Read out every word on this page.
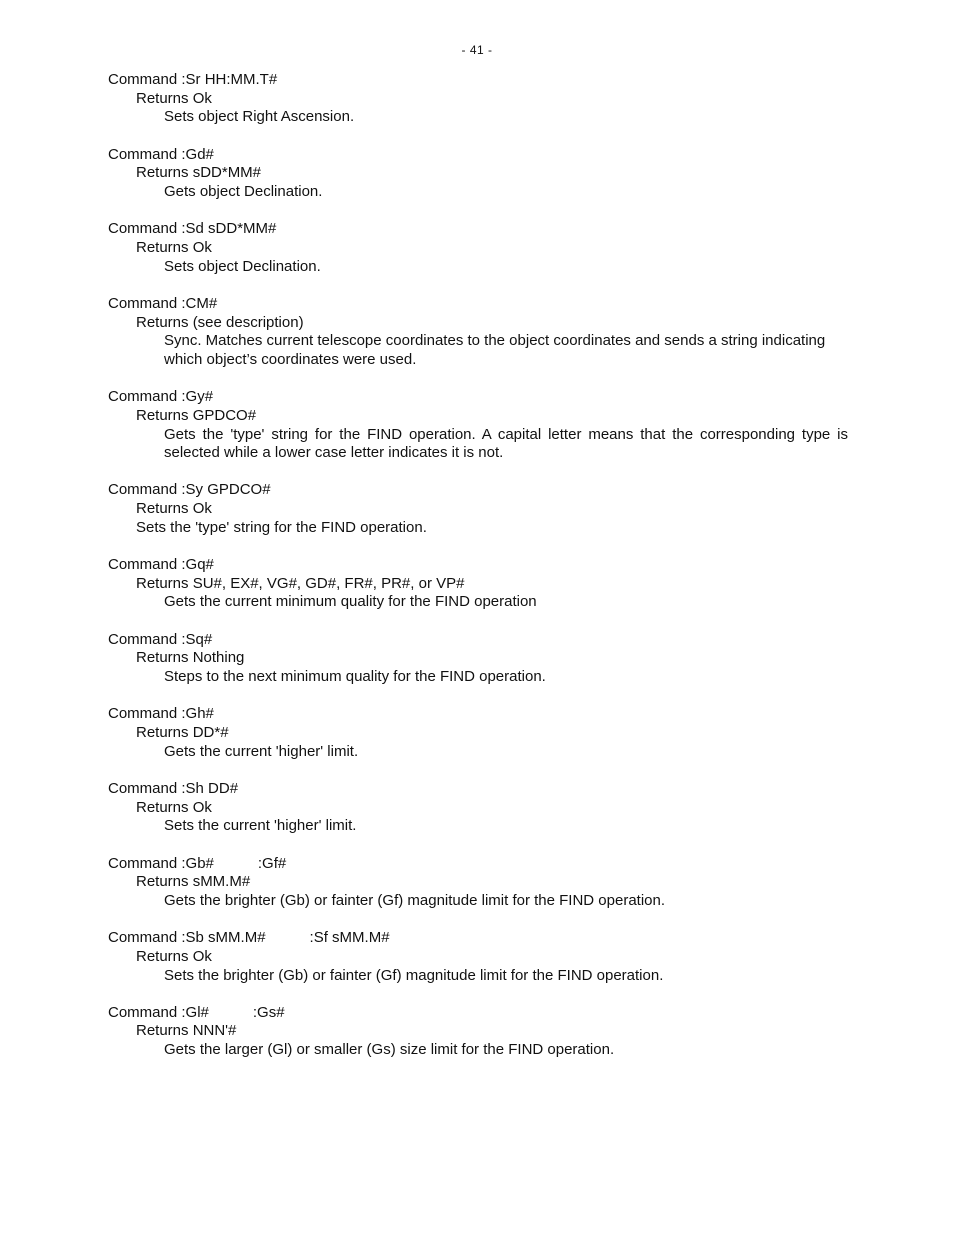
- 41 -
Command :Sr HH:MM.T#
Returns Ok
Sets object Right Ascension.
Command :Gd#
Returns sDD*MM#
Gets object Declination.
Command :Sd sDD*MM#
Returns Ok
Sets object Declination.
Command :CM#
Returns (see description)
Sync. Matches current telescope coordinates to the object coordinates and sends a string indicating which object’s coordinates were used.
Command :Gy#
Returns GPDCO#
Gets the 'type' string for the FIND operation. A capital letter means that the corresponding type is selected while a lower case letter indicates it is not.
Command :Sy GPDCO#
Returns Ok
Sets the 'type' string for the FIND operation.
Command :Gq#
Returns SU#, EX#, VG#, GD#, FR#, PR#, or VP#
Gets the current minimum quality for the FIND operation
Command :Sq#
Returns Nothing
Steps to the next minimum quality for the FIND operation.
Command :Gh#
Returns DD*#
Gets the current 'higher' limit.
Command :Sh DD#
Returns Ok
Sets the current 'higher' limit.
Command :Gb#	:Gf#
Returns sMM.M#
Gets the brighter (Gb) or fainter (Gf) magnitude limit for the FIND operation.
Command :Sb sMM.M#	:Sf sMM.M#
Returns Ok
Sets the brighter (Gb) or fainter (Gf) magnitude limit for the FIND operation.
Command :Gl#	:Gs#
Returns NNN'#
Gets the larger (Gl) or smaller (Gs) size limit for the FIND operation.
